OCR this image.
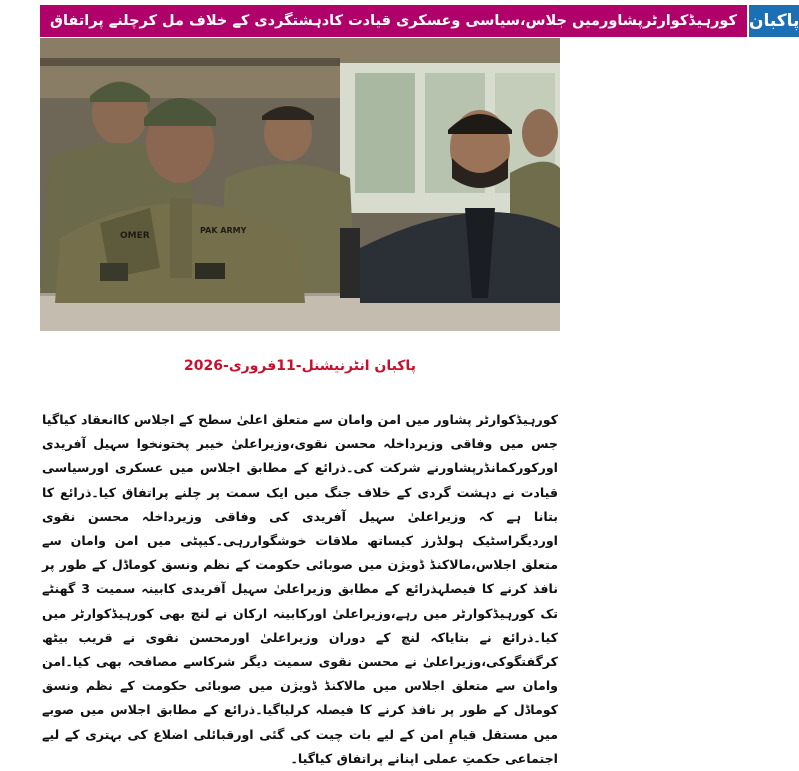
کورہیڈکوارٹرپشاورمیں جلاس،سیاسی وعسکری قیادت کادہشتگردی کے خلاف مل کرچلنے پراتفاق پاکبان
OMER
PAK ARMY
پاکبان انٹرنیشنل-11فروری-2026

کورہیڈکوارٹر پشاور میں امن وامان سے متعلق اعلیٰ سطح کے اجلاس کاانعقاد کیاگیا جس میں وفاقی وزیرداخلہ محسن نقوی،وزیراعلیٰ خیبر پختونخوا سہیل آفریدی اورکورکمانڈرپشاورنے شرکت کی۔ذرائع کے مطابق اجلاس میں عسکری اورسیاسی قیادت نے دہشت گردی کے خلاف جنگ میں ایک سمت پر چلنے پراتفاق کیا۔ذرائع کا بتانا ہے کہ وزیراعلیٰ سہیل آفریدی کی وفاقی وزیرداخلہ محسن نقوی اوردیگراسٹیک ہولڈرز کیساتھ ملاقات خوشگواررہی۔کیپٹی میں امن وامان سے متعلق اجلاس،مالاکنڈ ڈویژن میں صوبائی حکومت کے نظم ونسق کوماڈل کے طور پر نافذ کرنے کا فیصلہذرائع کے مطابق وزیراعلیٰ سہیل آفریدی کابینہ سمیت 3 گھنٹے تک کورہیڈکوارٹر میں رہے،وزیراعلیٰ اورکابینہ ارکان نے لنچ بھی کورہیڈکوارٹر میں کیا۔ذرائع نے بتایاکہ لنچ کے دوران وزیراعلیٰ اورمحسن نقوی نے قریب بیٹھ کرگفتگوکی،وزیراعلیٰ نے محسن نقوی سمیت دیگر شرکاسے مصافحہ بھی کیا۔امن وامان سے متعلق اجلاس میں مالاکنڈ ڈویژن میں صوبائی حکومت کے نظم ونسق کوماڈل کے طور پر نافذ کرنے کا فیصلہ کرلیاگیا۔ذرائع کے مطابق اجلاس میں صوبے میں مستقل قیامِ امن کے لیے بات چیت کی گئی اورقبائلی اضلاع کی بہتری کے لیے اجتماعی حکمتِ عملی اپنانے پراتفاق کیاگیا۔
